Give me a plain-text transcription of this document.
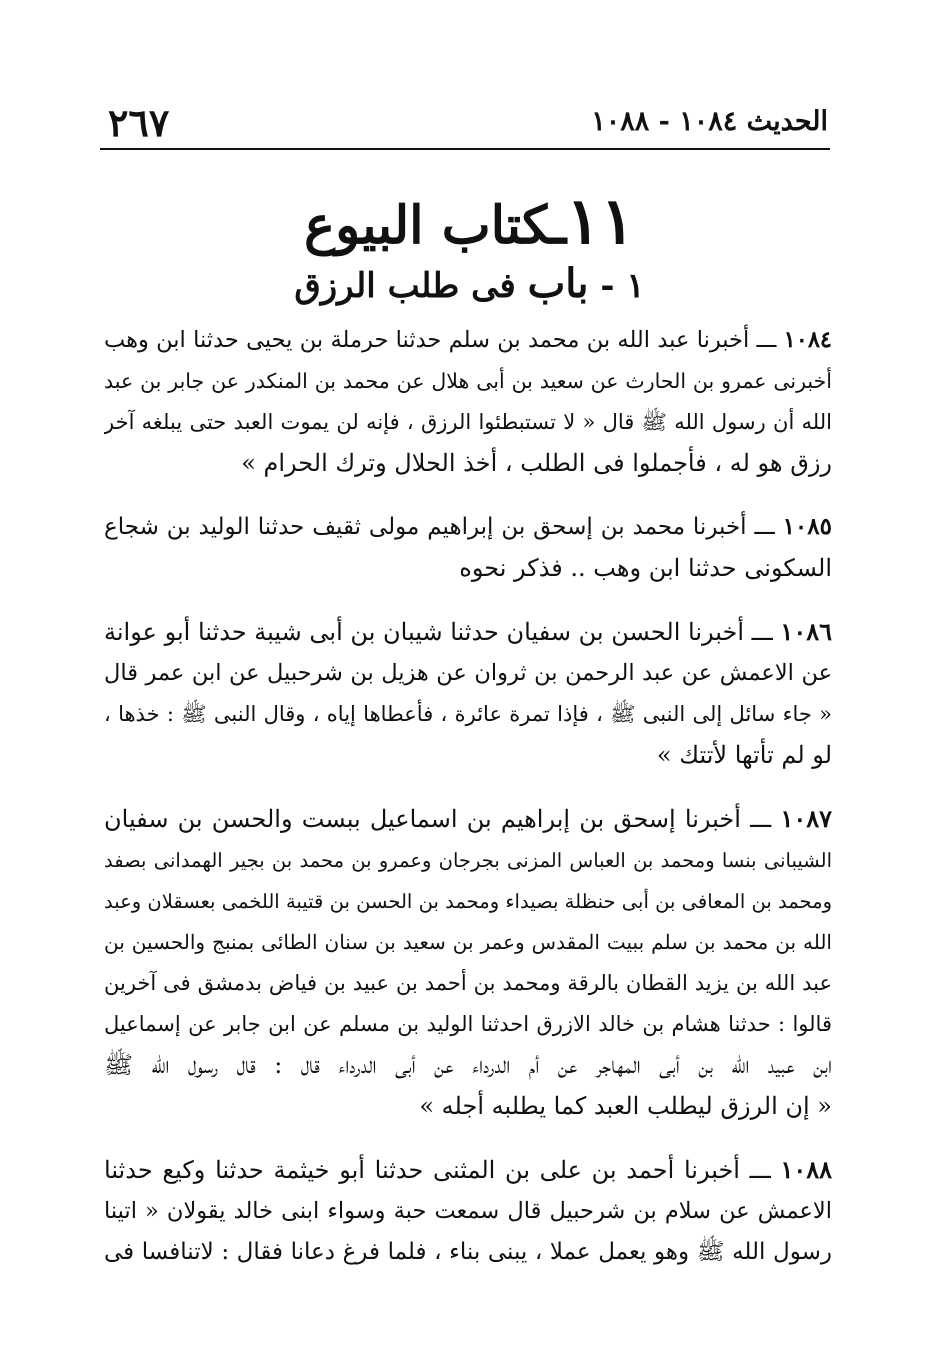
الحديث ١٠٨٤ - ١٠٨٨
٢٦٧
١١ـكتاب البيوع
١ - باب فى طلب الرزق
١٠٨٤ ـــ أخبرنا عبد الله بن محمد بن سلم حدثنا حرملة بن يحيى حدثنا ابن وهب
أخبرنى عمرو بن الحارث عن سعيد بن أبى هلال عن محمد بن المنكدر عن جابر بن عبد
الله أن رسول الله ﷺ قال « لا تستبطئوا الرزق ، فإنه لن يموت العبد حتى يبلغه آخر
رزق هو له ، فأجملوا فى الطلب ، أخذ الحلال وترك الحرام »
١٠٨٥ ـــ أخبرنا محمد بن إسحق بن إبراهيم مولى ثقيف حدثنا الوليد بن شجاع
السكونى حدثنا ابن وهب .. فذكر نحوه
١٠٨٦ ـــ أخبرنا الحسن بن سفيان حدثنا شيبان بن أبى شيبة حدثنا أبو عوانة
عن الاعمش عن عبد الرحمن بن ثروان عن هزيل بن شرحبيل عن ابن عمر قال
« جاء سائل إلى النبى ﷺ ، فإذا تمرة عائرة ، فأعطاها إياه ، وقال النبى ﷺ : خذها ،
لو لم تأتها لأتتك »
١٠٨٧ ـــ أخبرنا إسحق بن إبراهيم بن اسماعيل ببست والحسن بن سفيان
الشيبانى بنسا ومحمد بن العباس المزنى بجرجان وعمرو بن محمد بن بجير الهمدانى بصفد
ومحمد بن المعافى بن أبى حنظلة بصيداء ومحمد بن الحسن بن قتيبة اللخمى بعسقلان وعبد
الله بن محمد بن سلم ببيت المقدس وعمر بن سعيد بن سنان الطائى بمنبج والحسين بن
عبد الله بن يزيد القطان بالرقة ومحمد بن أحمد بن عبيد بن فياض بدمشق فى آخرين
قالوا : حدثنا هشام بن خالد الازرق احدثنا الوليد بن مسلم عن ابن جابر عن إسماعيل
ابن عبيد الله بن أبى المهاجر عن أم الدرداء عن أبى الدرداء قال : قال رسول الله ﷺ
« إن الرزق ليطلب العبد كما يطلبه أجله »
١٠٨٨ ـــ أخبرنا أحمد بن على بن المثنى حدثنا أبو خيثمة حدثنا وكيع حدثنا
الاعمش عن سلام بن شرحبيل قال سمعت حبة وسواء ابنى خالد يقولان « اتينا
رسول الله ﷺ وهو يعمل عملا ، يبنى بناء ، فلما فرغ دعانا فقال : لاتنافسا فى
